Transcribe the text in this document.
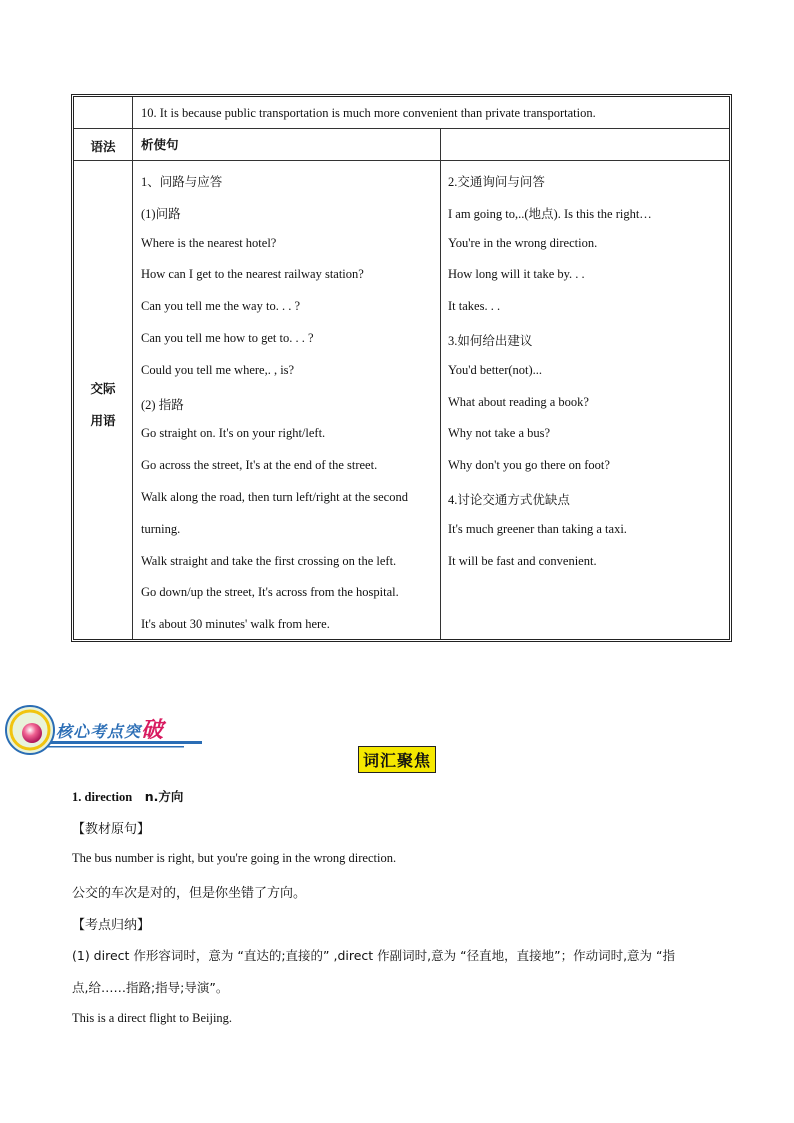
10. It is because public transportation is much more convenient than private transportation.
语法	析使句
交际
用语
1、问路与应答
(1)问路
Where is the nearest hotel?
How can I get to the nearest railway station?
Can you tell me the way to. . . ?
Can you tell me how to get to. . . ?
Could you tell me where,. , is?
(2) 指路
Go straight on. It's on your right/left.
Go across the street, It's at the end of the street.
Walk along the road, then turn left/right at the second
turning.
Walk straight and take the first crossing on the left.
Go down/up the street, It's across from the hospital.
It's about 30 minutes' walk from here.
2.交通询问与问答
I am going to,..(地点). Is this the right…
You're in the wrong direction.
How long will it take by. . .
It takes. . .
3.如何给出建议
You'd better(not)...
What about reading a book?
Why not take a bus?
Why don't you go there on foot?
4.讨论交通方式优缺点
It's much greener than taking a taxi.
It will be fast and convenient.
核心考点突破
词汇聚焦
1. direction n.方向
【教材原句】
The bus number is right, but you're going in the wrong direction.
公交的车次是对的，但是你坐错了方向。
【考点归纳】
(1) direct 作形容词时，意为 “直达的;直接的” ,direct 作副词时,意为 “径直地，直接地”；作动词时,意为 “指
点,给……指路;指导;导演”。
This is a direct flight to Beijing.
